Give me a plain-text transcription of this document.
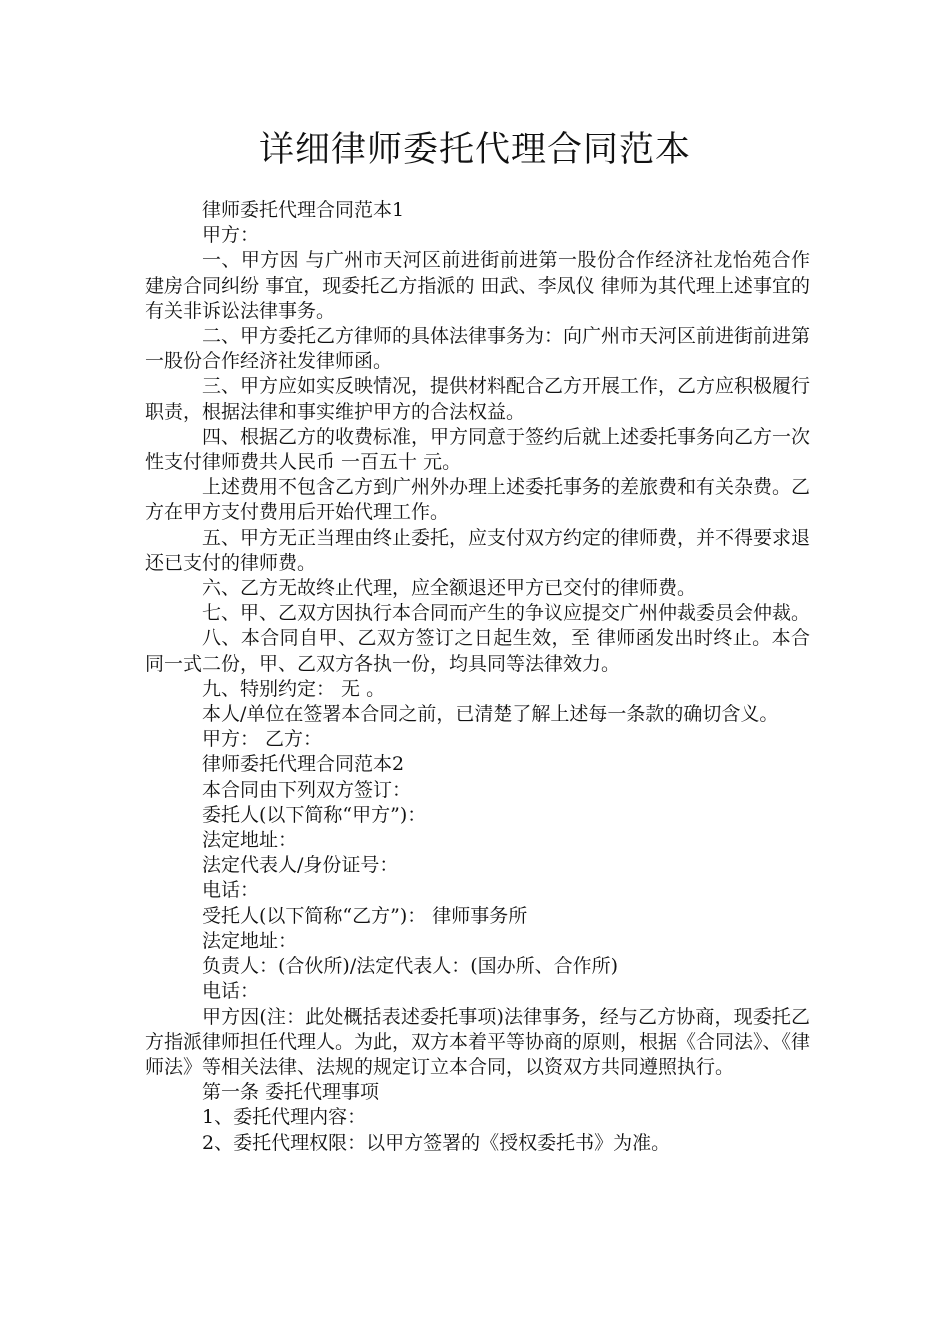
详细律师委托代理合同范本

律师委托代理合同范本1

甲方：

一、甲方因 与广州市天河区前进街前进第一股份合作经济社龙怡苑合作建房合同纠纷 事宜，现委托乙方指派的 田武、李凤仪 律师为其代理上述事宜的有关非诉讼法律事务。

二、甲方委托乙方律师的具体法律事务为：向广州市天河区前进街前进第一股份合作经济社发律师函。

三、甲方应如实反映情况，提供材料配合乙方开展工作，乙方应积极履行职责，根据法律和事实维护甲方的合法权益。

四、根据乙方的收费标准，甲方同意于签约后就上述委托事务向乙方一次性支付律师费共人民币 一百五十 元。

上述费用不包含乙方到广州外办理上述委托事务的差旅费和有关杂费。乙方在甲方支付费用后开始代理工作。

五、甲方无正当理由终止委托，应支付双方约定的律师费，并不得要求退还已支付的律师费。

六、乙方无故终止代理，应全额退还甲方已交付的律师费。

七、甲、乙双方因执行本合同而产生的争议应提交广州仲裁委员会仲裁。

八、本合同自甲、乙双方签订之日起生效，至 律师函发出时终止。本合同一式二份，甲、乙双方各执一份，均具同等法律效力。

九、特别约定： 无 。

本人/单位在签署本合同之前，已清楚了解上述每一条款的确切含义。

甲方： 乙方：

律师委托代理合同范本2

本合同由下列双方签订：

委托人(以下简称“甲方”)：

法定地址：

法定代表人/身份证号：

电话：

受托人(以下简称“乙方”)： 律师事务所

法定地址：

负责人：(合伙所)/法定代表人：(国办所、合作所)

电话：

甲方因(注：此处概括表述委托事项)法律事务，经与乙方协商，现委托乙方指派律师担任代理人。为此，双方本着平等协商的原则，根据《合同法》、《律师法》等相关法律、法规的规定订立本合同，以资双方共同遵照执行。

第一条 委托代理事项

1、委托代理内容：

2、委托代理权限：以甲方签署的《授权委托书》为准。
